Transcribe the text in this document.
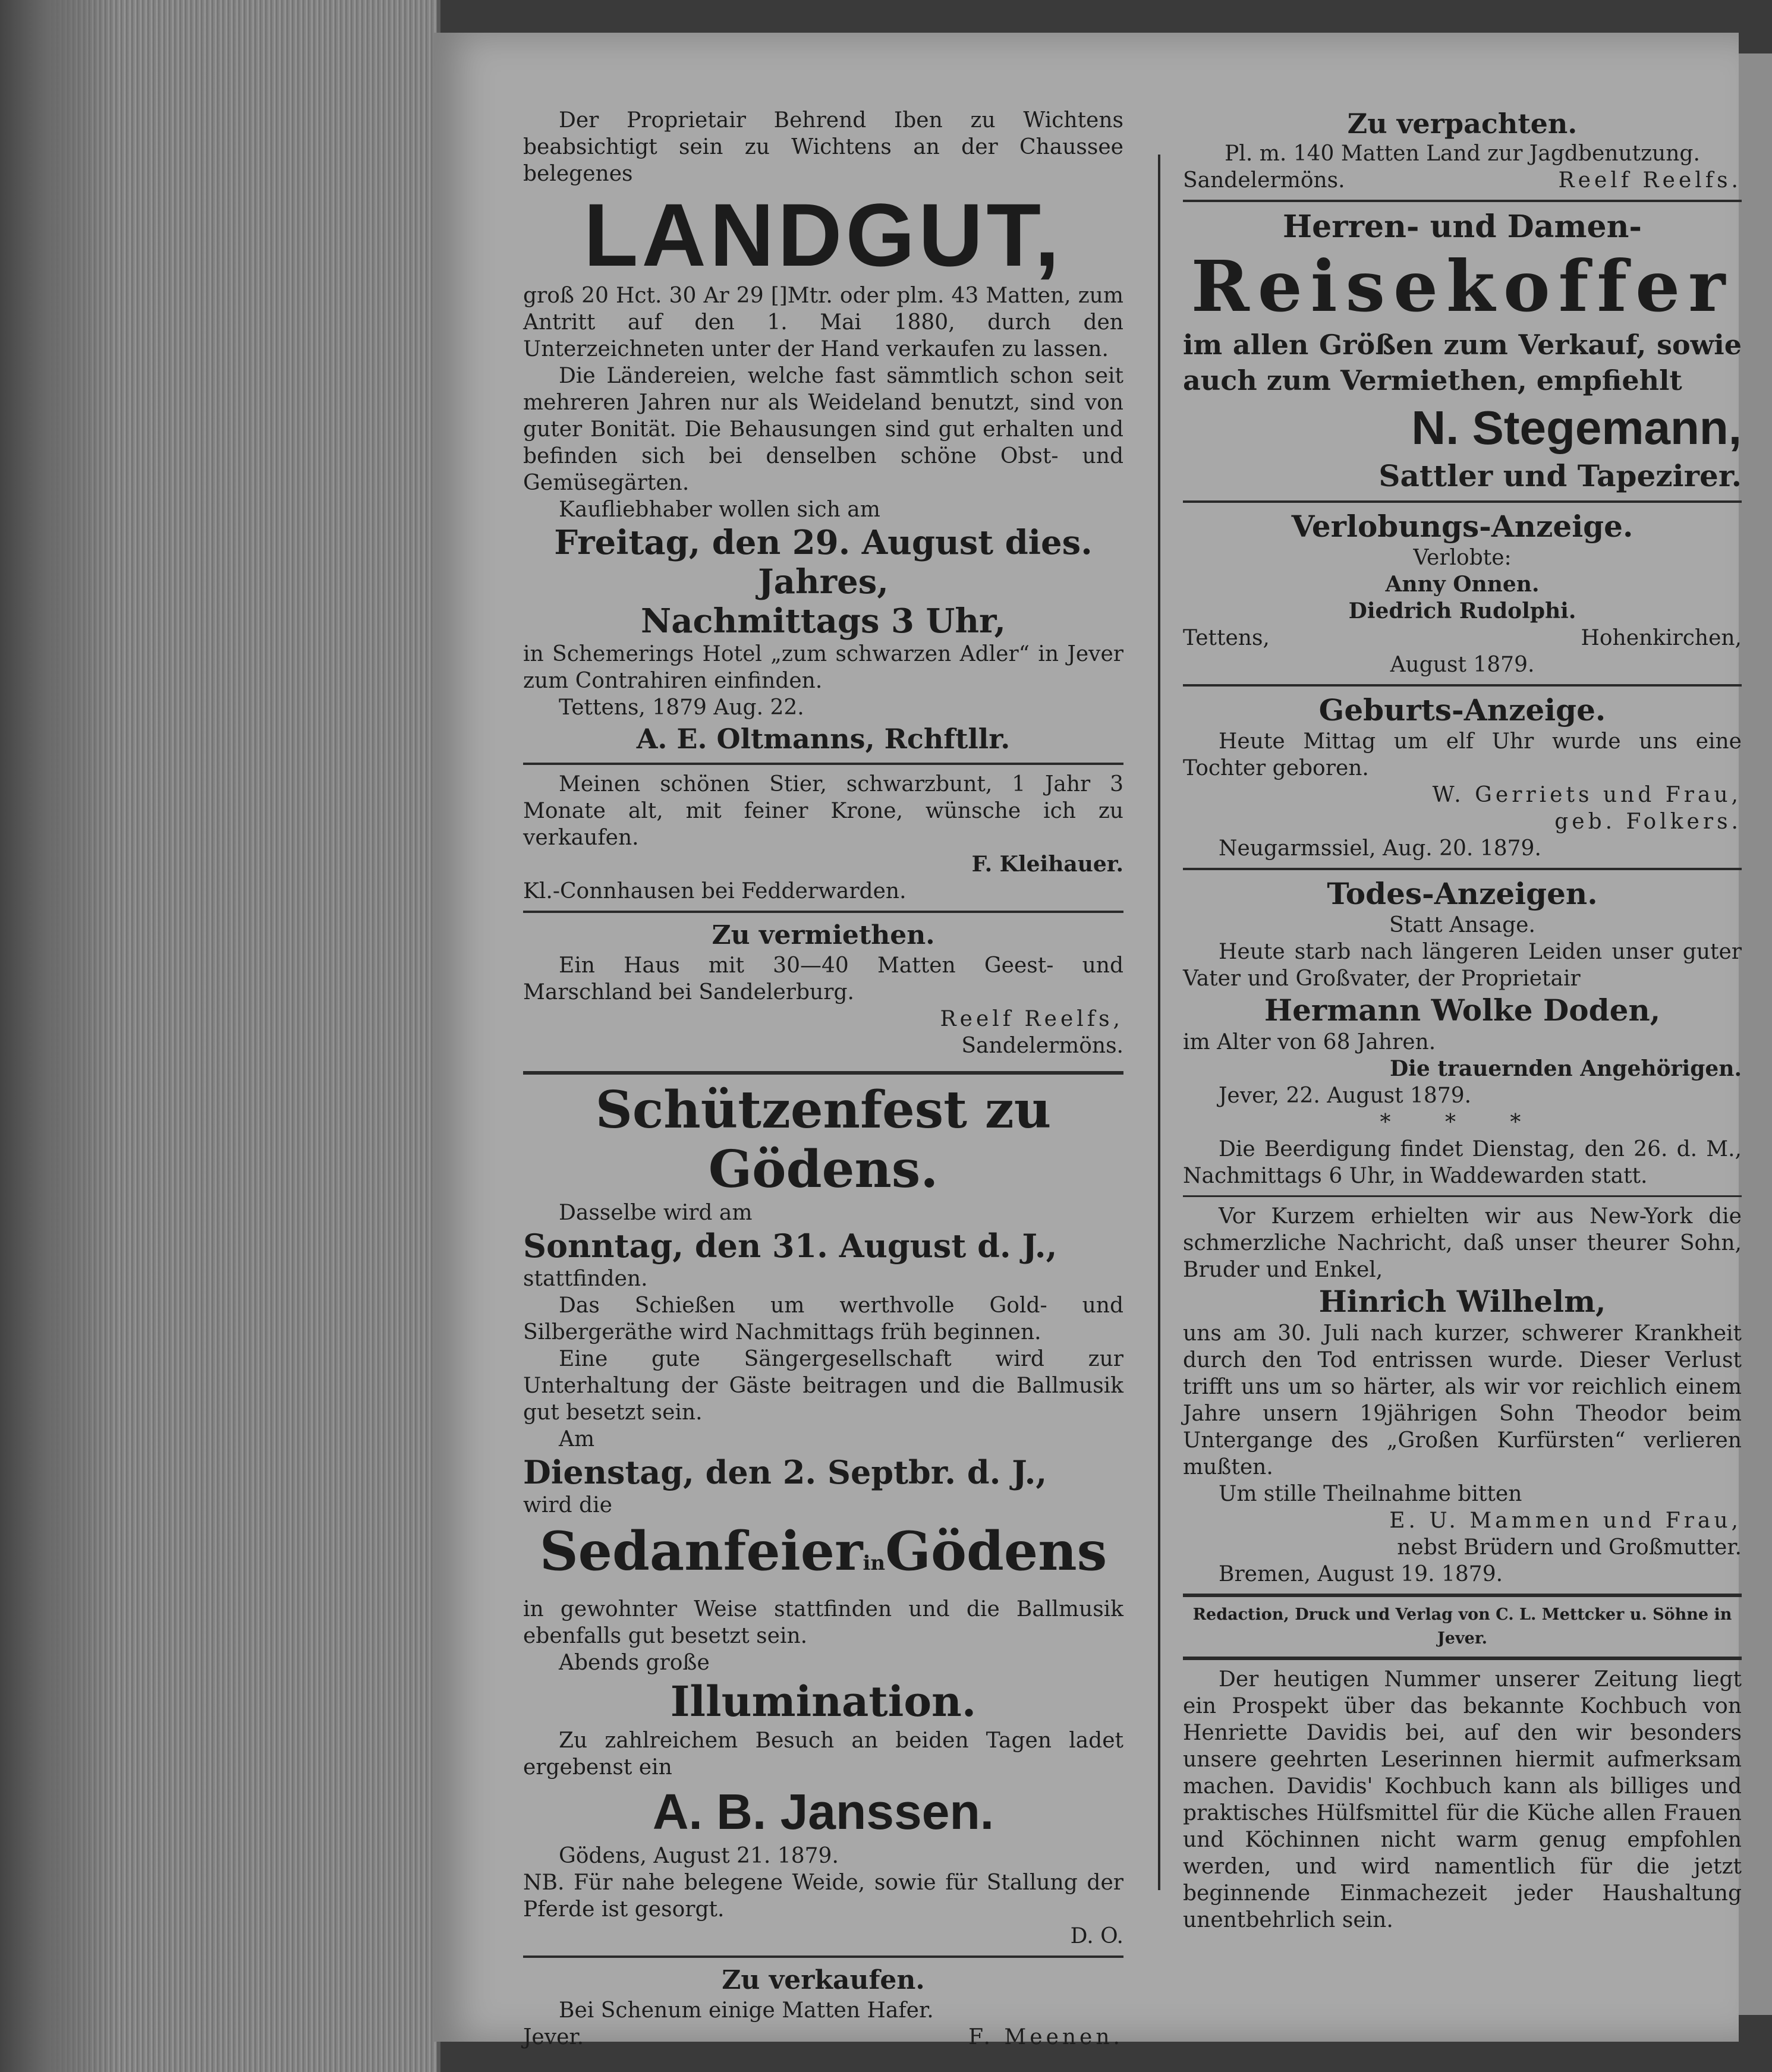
Der Proprietair Behrend Iben zu Wichtens beabsichtigt sein zu Wichtens an der Chaussee belegenes

LANDGUT,

groß 20 Hct. 30 Ar 29 []Mtr. oder plm. 43 Matten, zum Antritt auf den 1. Mai 1880, durch den Unterzeichneten unter der Hand verkaufen zu lassen.

Die Ländereien, welche fast sämmtlich schon seit mehreren Jahren nur als Weideland benutzt, sind von guter Bonität. Die Behausungen sind gut erhalten und befinden sich bei denselben schöne Obst- und Gemüsegärten.

Kaufliebhaber wollen sich am

Freitag, den 29. August dies. Jahres,
Nachmittags 3 Uhr,

in Schemerings Hotel „zum schwarzen Adler“ in Jever zum Contrahiren einfinden.

Tettens, 1879 Aug. 22.

A. E. Oltmanns, Rchftllr.

Meinen schönen Stier, schwarzbunt, 1 Jahr 3 Monate alt, mit feiner Krone, wünsche ich zu verkaufen.

F. Kleihauer.

Kl.-Connhausen bei Fedderwarden.

Zu vermiethen.

Ein Haus mit 30—40 Matten Geest- und Marschland bei Sandelerburg.

Reelf Reelfs,

Sandelermöns.

Schützenfest zu Gödens.

Dasselbe wird am

Sonntag, den 31. August d. J.,

stattfinden.

Das Schießen um werthvolle Gold- und Silbergeräthe wird Nachmittags früh beginnen.

Eine gute Sängergesellschaft wird zur Unterhaltung der Gäste beitragen und die Ballmusik gut besetzt sein.

Am

Dienstag, den 2. Septbr. d. J.,

wird die

SedanfeierinGödens

in gewohnter Weise stattfinden und die Ballmusik ebenfalls gut besetzt sein.

Abends große

Illumination.

Zu zahlreichem Besuch an beiden Tagen ladet ergebenst ein

A. B. Janssen.

Gödens, August 21. 1879.

NB. Für nahe belegene Weide, sowie für Stallung der Pferde ist gesorgt.

D. O.

Zu verkaufen.

Bei Schenum einige Matten Hafer.

Jever.	F. Meenen.
Zu verpachten.

Pl. m. 140 Matten Land zur Jagdbenutzung.

Sandelermöns.	Reelf Reelfs.
Herren- und Damen-
Reisekoffer

im allen Größen zum Verkauf, sowie auch zum Vermiethen, empfiehlt

N. Stegemann,
Sattler und Tapezirer.
Verlobungs-Anzeige.

Verlobte:

Anny Onnen.

Diedrich Rudolphi.

Tettens,	Hohenkirchen,

August 1879.

Geburts-Anzeige.

Heute Mittag um elf Uhr wurde uns eine Tochter geboren.

W. Gerriets und Frau,

geb. Folkers.

Neugarmssiel, Aug. 20. 1879.

Todes-Anzeigen.

Statt Ansage.

Heute starb nach längeren Leiden unser guter Vater und Großvater, der Proprietair

Hermann Wolke Doden,

im Alter von 68 Jahren.

Die trauernden Angehörigen.

Jever, 22. August 1879.

* * *

Die Beerdigung findet Dienstag, den 26. d. M., Nachmittags 6 Uhr, in Waddewarden statt.

Vor Kurzem erhielten wir aus New-York die schmerzliche Nachricht, daß unser theurer Sohn, Bruder und Enkel,

Hinrich Wilhelm,

uns am 30. Juli nach kurzer, schwerer Krankheit durch den Tod entrissen wurde. Dieser Verlust trifft uns um so härter, als wir vor reichlich einem Jahre unsern 19jährigen Sohn Theodor beim Untergange des „Großen Kurfürsten“ verlieren mußten.

Um stille Theilnahme bitten

E. U. Mammen und Frau,

nebst Brüdern und Großmutter.

Bremen, August 19. 1879.

Redaction, Druck und Verlag von C. L. Mettcker u. Söhne in Jever.

Der heutigen Nummer unserer Zeitung liegt ein Prospekt über das bekannte Kochbuch von Henriette Davidis bei, auf den wir besonders unsere geehrten Leserinnen hiermit aufmerksam machen. Davidis' Kochbuch kann als billiges und praktisches Hülfsmittel für die Küche allen Frauen und Köchinnen nicht warm genug empfohlen werden, und wird namentlich für die jetzt beginnende Einmachezeit jeder Haushaltung unentbehrlich sein.
